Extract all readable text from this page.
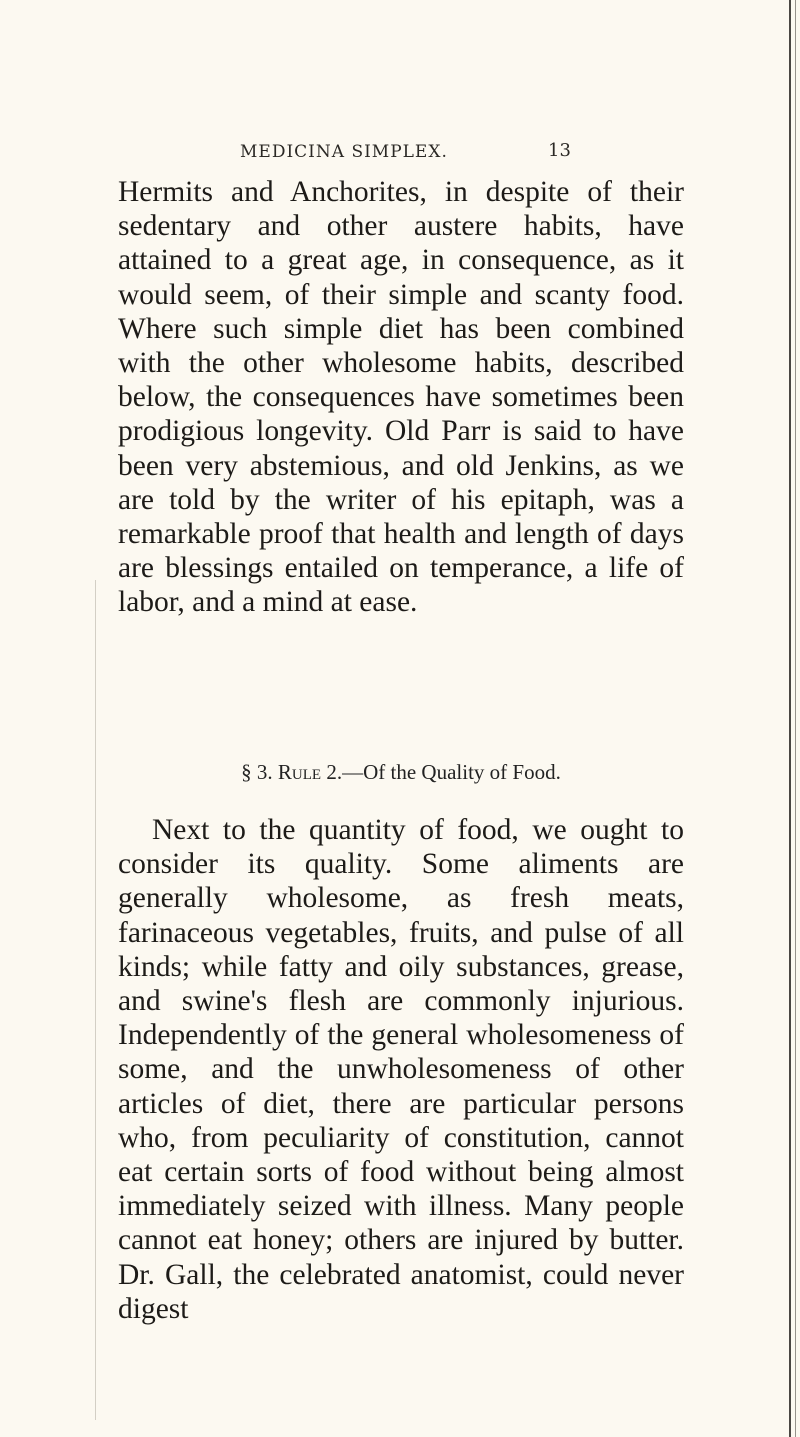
MEDICINA SIMPLEX.	13

Hermits and Anchorites, in despite of their sedentary and other austere habits, have attained to a great age, in consequence, as it would seem, of their simple and scanty food. Where such simple diet has been combined with the other wholesome habits, described below, the consequences have sometimes been prodigious longevity. Old Parr is said to have been very abstemious, and old Jenkins, as we are told by the writer of his epitaph, was a remarkable proof that health and length of days are blessings entailed on temperance, a life of labor, and a mind at ease.

§ 3. Rule 2.—Of the Quality of Food.

Next to the quantity of food, we ought to consider its quality. Some aliments are generally wholesome, as fresh meats, farinaceous vegetables, fruits, and pulse of all kinds; while fatty and oily substances, grease, and swine's flesh are commonly injurious. Independently of the general wholesomeness of some, and the unwholesomeness of other articles of diet, there are particular persons who, from peculiarity of constitution, cannot eat certain sorts of food without being almost immediately seized with illness. Many people cannot eat honey; others are injured by butter. Dr. Gall, the celebrated anatomist, could never digest
